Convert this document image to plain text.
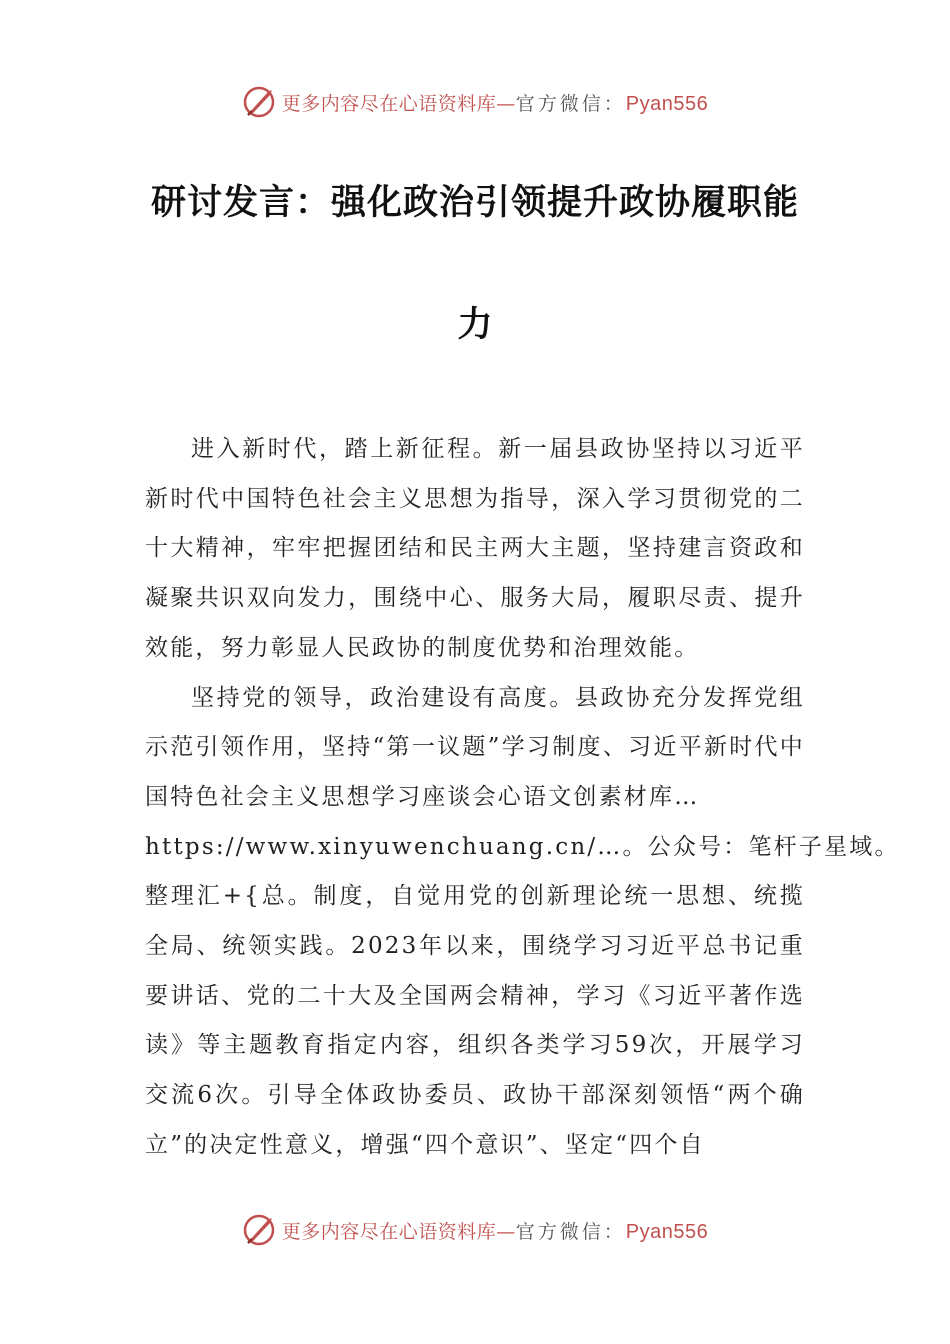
更多内容尽在心语资料库—官方微信：Pyan556
研讨发言：强化政治引领提升政协履职能
力

进入新时代，踏上新征程。新一届县政协坚持以习近平新时代中国特色社会主义思想为指导，深入学习贯彻党的二十大精神，牢牢把握团结和民主两大主题，坚持建言资政和凝聚共识双向发力，围绕中心、服务大局，履职尽责、提升效能，努力彰显人民政协的制度优势和治理效能。

坚持党的领导，政治建设有高度。县政协充分发挥党组示范引领作用，坚持“第一议题”学习制度、习近平新时代中国特色社会主义思想学习座谈会心语文创素材库…
https://www.xinyuwenchuang.cn/…。公众号：笔杆子星域。
整理汇+{总。制度，自觉用党的创新理论统一思想、统揽全局、统领实践。2023年以来，围绕学习习近平总书记重要讲话、党的二十大及全国两会精神，学习《习近平著作选读》等主题教育指定内容，组织各类学习59次，开展学习交流6次。引导全体政协委员、政协干部深刻领悟“两个确立”的决定性意义，增强“四个意识”、坚定“四个自

更多内容尽在心语资料库—官方微信：Pyan556
